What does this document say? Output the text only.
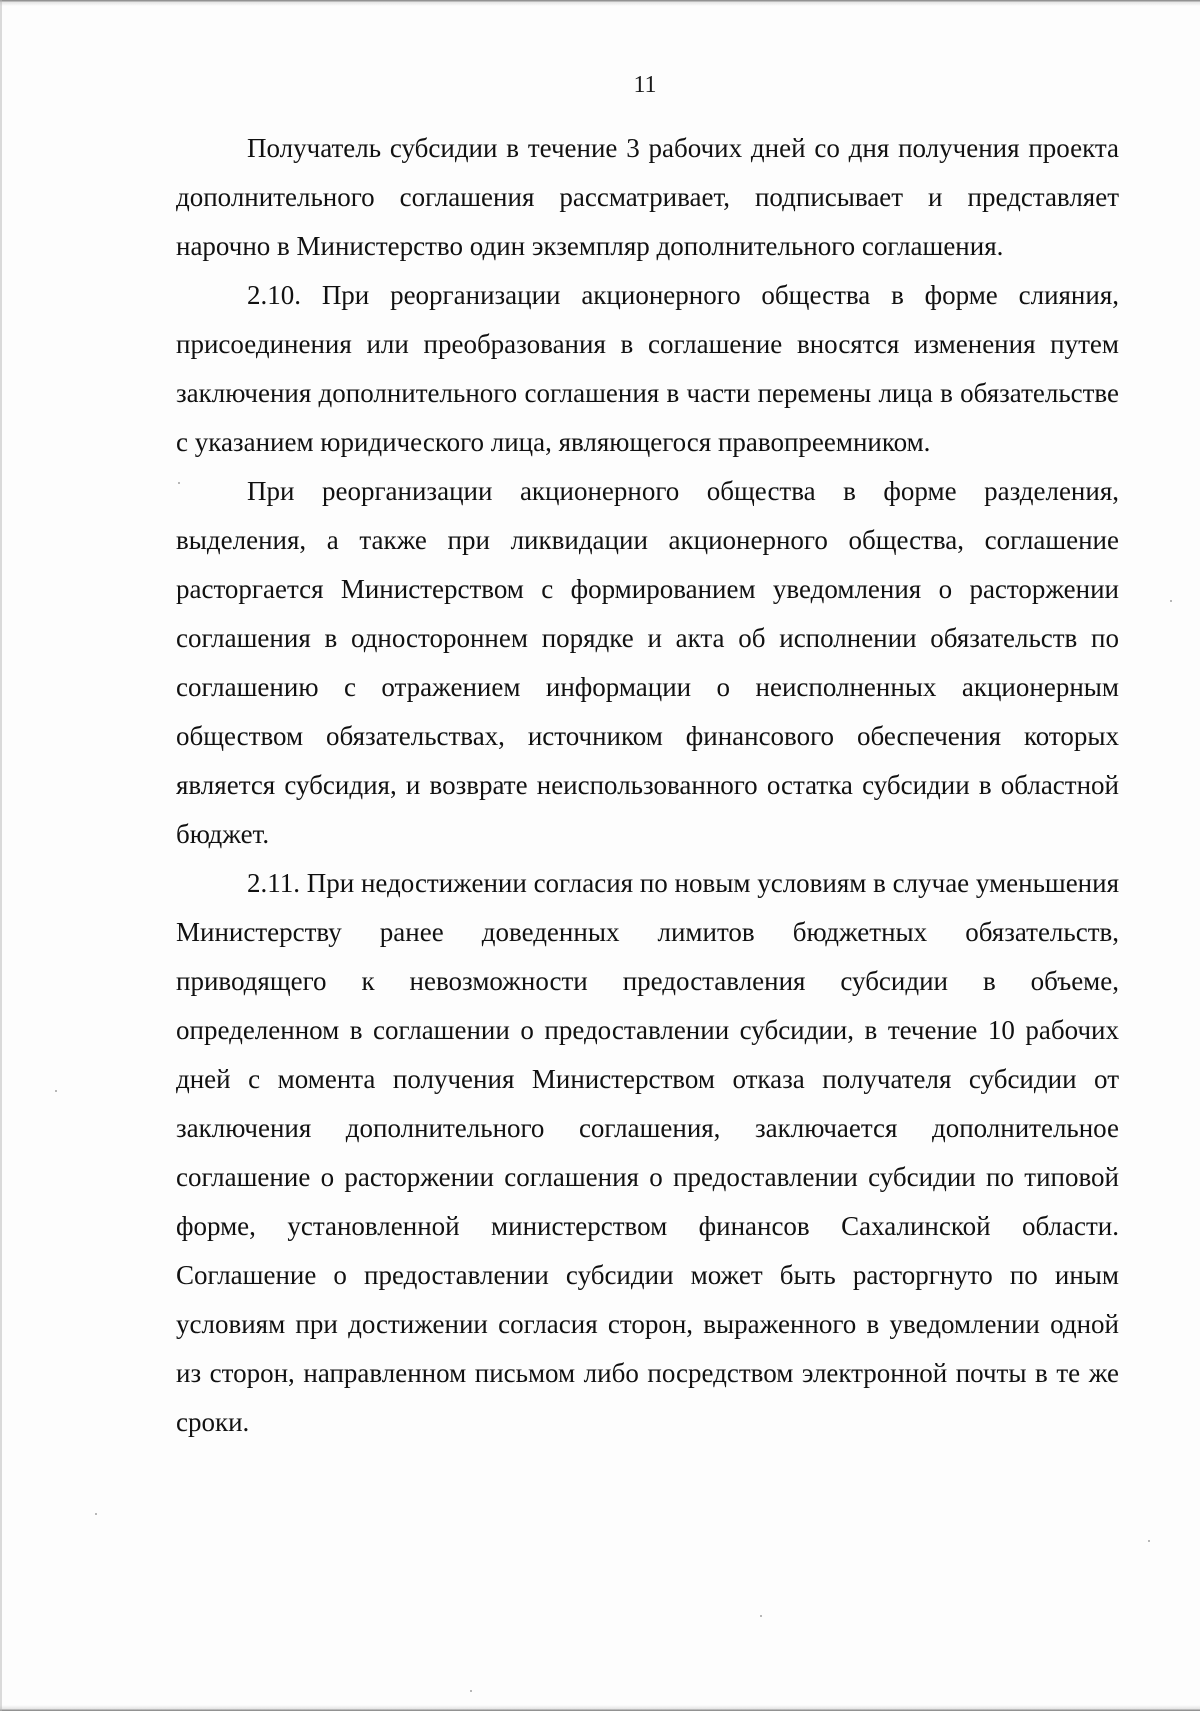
11

Получатель субсидии в течение 3 рабочих дней со дня получения проекта дополнительного соглашения рассматривает, подписывает и представляет нарочно в Министерство один экземпляр дополнительного соглашения.

2.10. При реорганизации акционерного общества в форме слияния, присоединения или преобразования в соглашение вносятся изменения путем заключения дополнительного соглашения в части перемены лица в обязательстве с указанием юридического лица, являющегося правопреемником.

При реорганизации акционерного общества в форме разделения, выделения, а также при ликвидации акционерного общества, соглашение расторгается Министерством с формированием уведомления о расторжении соглашения в одностороннем порядке и акта об исполнении обязательств по соглашению с отражением информации о неисполненных акционерным обществом обязательствах, источником финансового обеспечения которых является субсидия, и возврате неиспользованного остатка субсидии в областной бюджет.

2.11. При недостижении согласия по новым условиям в случае уменьшения Министерству ранее доведенных лимитов бюджетных обязательств, приводящего к невозможности предоставления субсидии в объеме, определенном в соглашении о предоставлении субсидии, в течение 10 рабочих дней с момента получения Министерством отказа получателя субсидии от заключения дополнительного соглашения, заключается дополнительное соглашение о расторжении соглашения о предоставлении субсидии по типовой форме, установленной министерством финансов Сахалинской области. Соглашение о предоставлении субсидии может быть расторгнуто по иным условиям при достижении согласия сторон, выраженного в уведомлении одной из сторон, направленном письмом либо посредством электронной почты в те же сроки.
